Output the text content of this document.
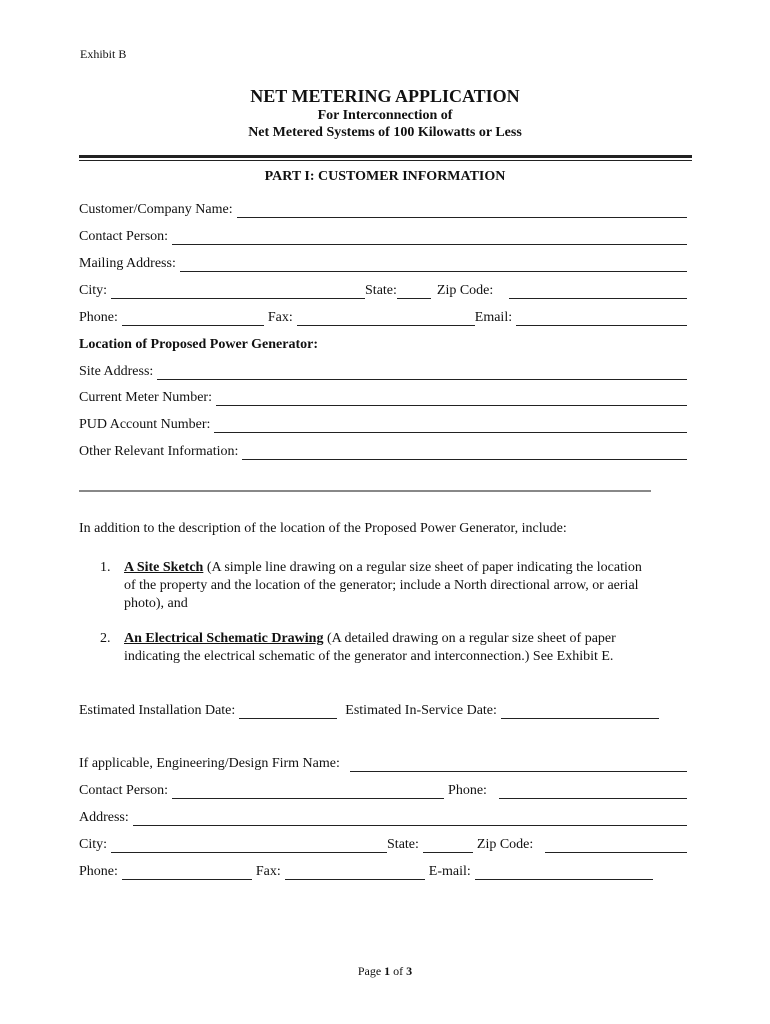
Exhibit B
NET METERING APPLICATION
For Interconnection of
Net Metered Systems of 100 Kilowatts or Less
PART I: CUSTOMER INFORMATION
Customer/Company Name:
Contact Person:
Mailing Address:
City:	State:	Zip Code:
Phone:	Fax:	Email:
Location of Proposed Power Generator:
Site Address:
Current Meter Number:
PUD Account Number:
Other Relevant Information:
In addition to the description of the location of the Proposed Power Generator, include:
1. A Site Sketch (A simple line drawing on a regular size sheet of paper indicating the location
of the property and the location of the generator; include a North directional arrow, or aerial
photo), and
2. An Electrical Schematic Drawing (A detailed drawing on a regular size sheet of paper
indicating the electrical schematic of the generator and interconnection.) See Exhibit E.
Estimated Installation Date:	Estimated In-Service Date:
If applicable, Engineering/Design Firm Name:
Contact Person:	Phone:
Address:
City:	State:	Zip Code:
Phone:	Fax:	E-mail:
Page 1 of 3
